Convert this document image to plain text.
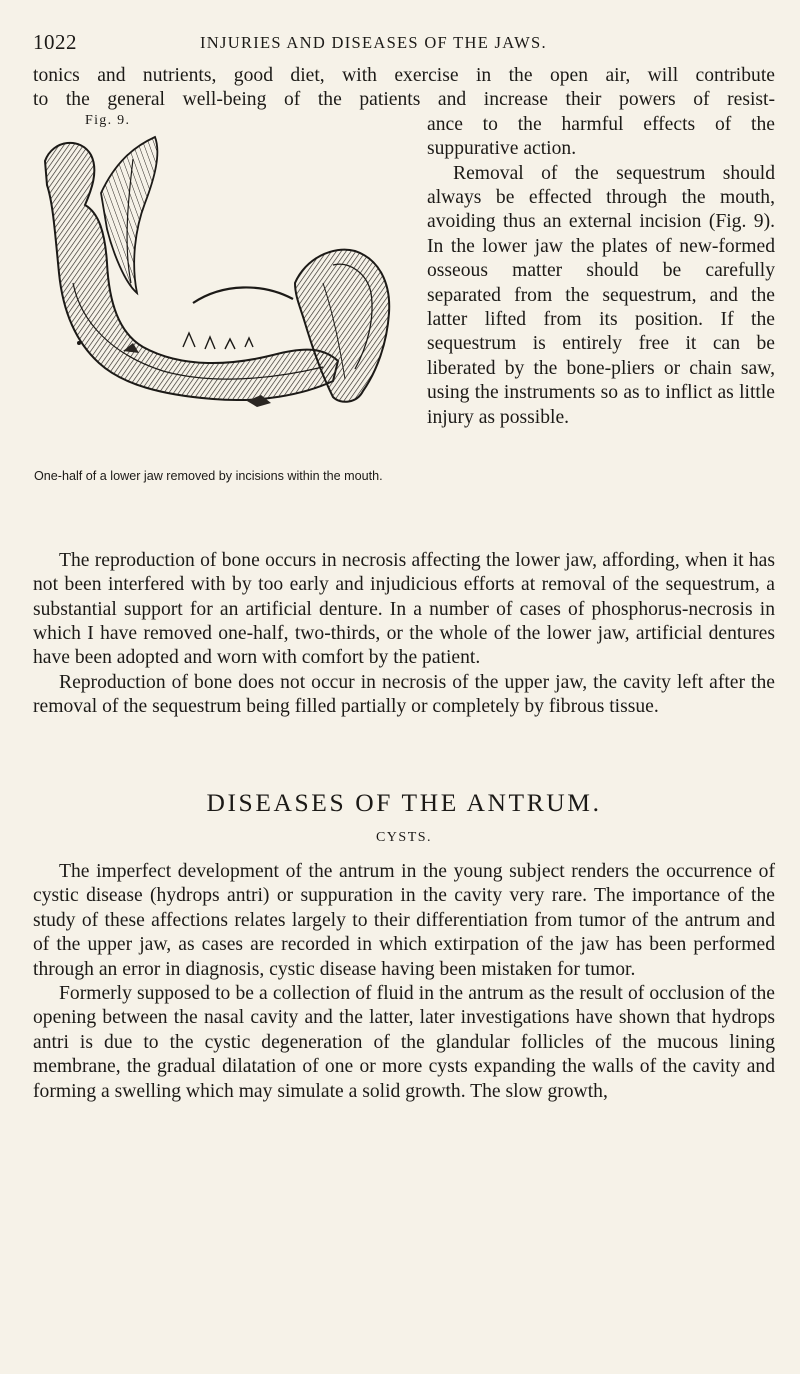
1022	INJURIES AND DISEASES OF THE JAWS.

tonics and nutrients, good diet, with exercise in the open air, will contribute

to the general well-being of the patients and increase their powers of resist-

Fig. 9.
One-half of a lower jaw removed by incisions within the mouth.

ance to the harmful effects of the suppurative action.

Removal of the sequestrum should always be effected through the mouth, avoiding thus an external incision (Fig. 9). In the lower jaw the plates of new-formed osseous matter should be carefully separated from the sequestrum, and the latter lifted from its position. If the sequestrum is entirely free it can be liberated by the bone-pliers or chain saw, using the instruments so as to inflict as little injury as possible.

The reproduction of bone occurs in necrosis affecting the lower jaw, affording, when it has not been interfered with by too early and injudicious efforts at removal of the sequestrum, a substantial support for an artificial denture. In a number of cases of phosphorus-necrosis in which I have removed one-half, two-thirds, or the whole of the lower jaw, artificial dentures have been adopted and worn with comfort by the patient.

Reproduction of bone does not occur in necrosis of the upper jaw, the cavity left after the removal of the sequestrum being filled partially or completely by fibrous tissue.

DISEASES OF THE ANTRUM.
CYSTS.

The imperfect development of the antrum in the young subject renders the occurrence of cystic disease (hydrops antri) or suppuration in the cavity very rare. The importance of the study of these affections relates largely to their differentiation from tumor of the antrum and of the upper jaw, as cases are recorded in which extirpation of the jaw has been performed through an error in diagnosis, cystic disease having been mistaken for tumor.

Formerly supposed to be a collection of fluid in the antrum as the result of occlusion of the opening between the nasal cavity and the latter, later investigations have shown that hydrops antri is due to the cystic degeneration of the glandular follicles of the mucous lining membrane, the gradual dilatation of one or more cysts expanding the walls of the cavity and forming a swelling which may simulate a solid growth. The slow growth,
